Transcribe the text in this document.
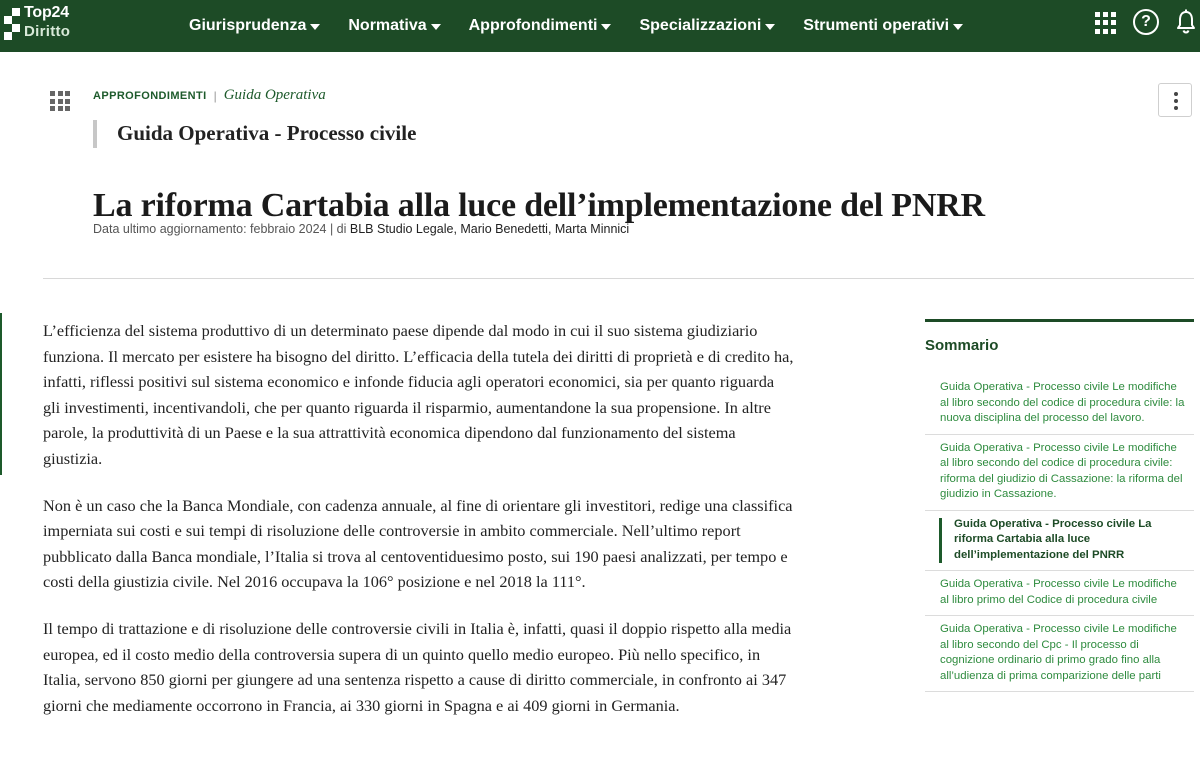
Top24
Diritto	Giurisprudenza	Normativa	Approfondimenti	Specializzazioni	Strumenti operativi	?
APPROFONDIMENTI | Guida Operativa
Guida Operativa - Processo civile
La riforma Cartabia alla luce dell’implementazione del PNRR
Data ultimo aggiornamento: febbraio 2024 | di BLB Studio Legale, Mario Benedetti, Marta Minnici

L’efficienza del sistema produttivo di un determinato paese dipende dal modo in cui il suo sistema giudiziario funziona. Il mercato per esistere ha bisogno del diritto. L’efficacia della tutela dei diritti di proprietà e di credito ha, infatti, riflessi positivi sul sistema economico e infonde fiducia agli operatori economici, sia per quanto riguarda gli investimenti, incentivandoli, che per quanto riguarda il risparmio, aumentandone la sua propensione. In altre parole, la produttività di un Paese e la sua attrattività economica dipendono dal funzionamento del sistema giustizia.

Non è un caso che la Banca Mondiale, con cadenza annuale, al fine di orientare gli investitori, redige una classifica imperniata sui costi e sui tempi di risoluzione delle controversie in ambito commerciale. Nell’ultimo report pubblicato dalla Banca mondiale, l’Italia si trova al centoventiduesimo posto, sui 190 paesi analizzati, per tempo e costi della giustizia civile. Nel 2016 occupava la 106° posizione e nel 2018 la 111°.

Il tempo di trattazione e di risoluzione delle controversie civili in Italia è, infatti, quasi il doppio rispetto alla media europea, ed il costo medio della controversia supera di un quinto quello medio europeo. Più nello specifico, in Italia, servono 850 giorni per giungere ad una sentenza rispetto a cause di diritto commerciale, in confronto ai 347 giorni che mediamente occorrono in Francia, ai 330 giorni in Spagna e ai 409 giorni in Germania.

Sommario
Guida Operativa - Processo civile Le modifiche al libro secondo del codice di procedura civile: la nuova disciplina del processo del lavoro.
Guida Operativa - Processo civile Le modifiche al libro secondo del codice di procedura civile: riforma del giudizio di Cassazione: la riforma del giudizio in Cassazione.
Guida Operativa - Processo civile La riforma Cartabia alla luce dell’implementazione del PNRR
Guida Operativa - Processo civile Le modifiche al libro primo del Codice di procedura civile
Guida Operativa - Processo civile Le modifiche al libro secondo del Cpc - Il processo di cognizione ordinario di primo grado fino alla all’udienza di prima comparizione delle parti
